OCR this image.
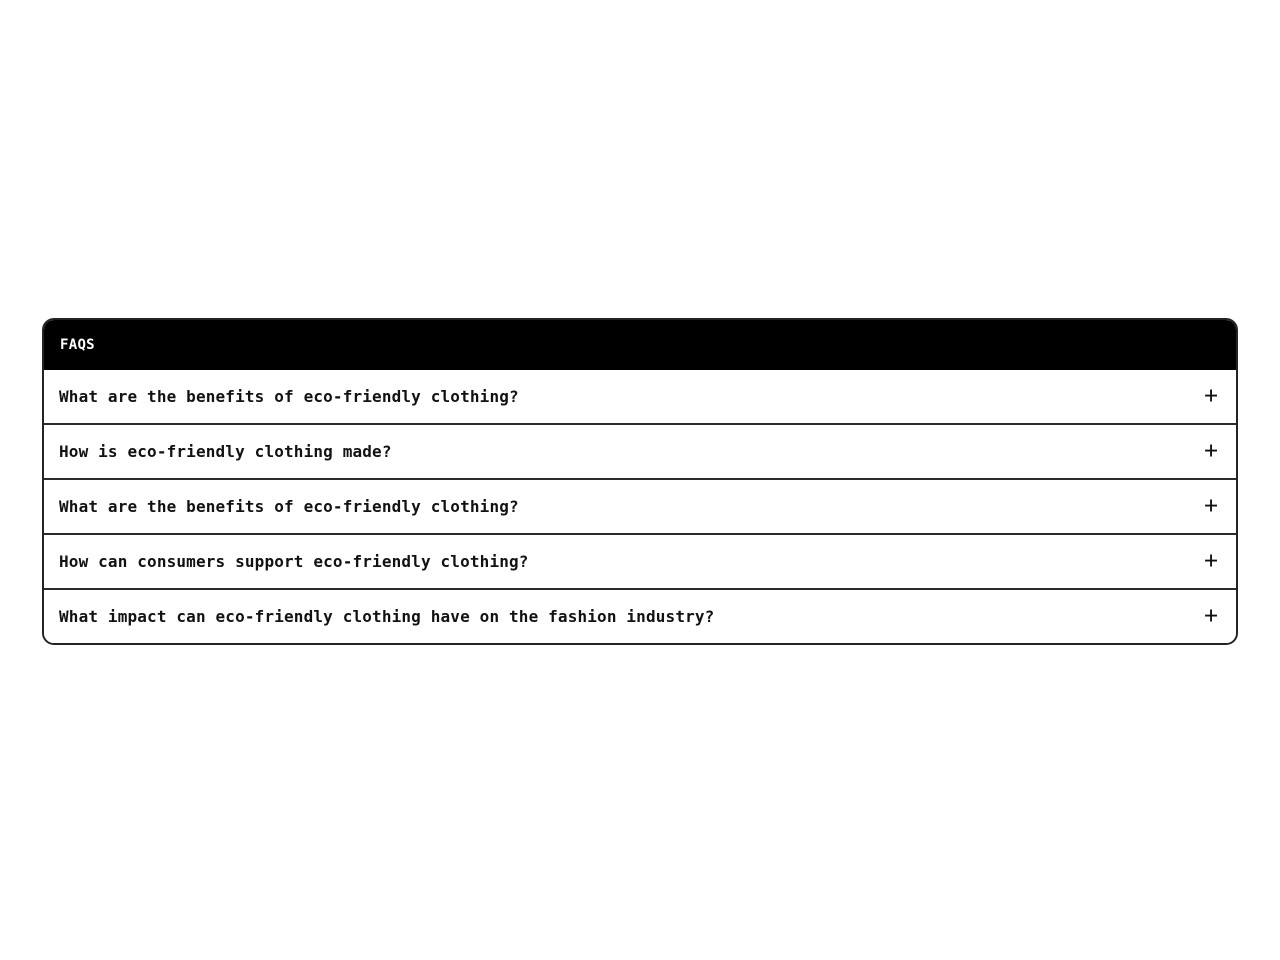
FAQS
What are the benefits of eco-friendly clothing?	+
How is eco-friendly clothing made?	+
What are the benefits of eco-friendly clothing?	+
How can consumers support eco-friendly clothing?	+
What impact can eco-friendly clothing have on the fashion industry?	+
